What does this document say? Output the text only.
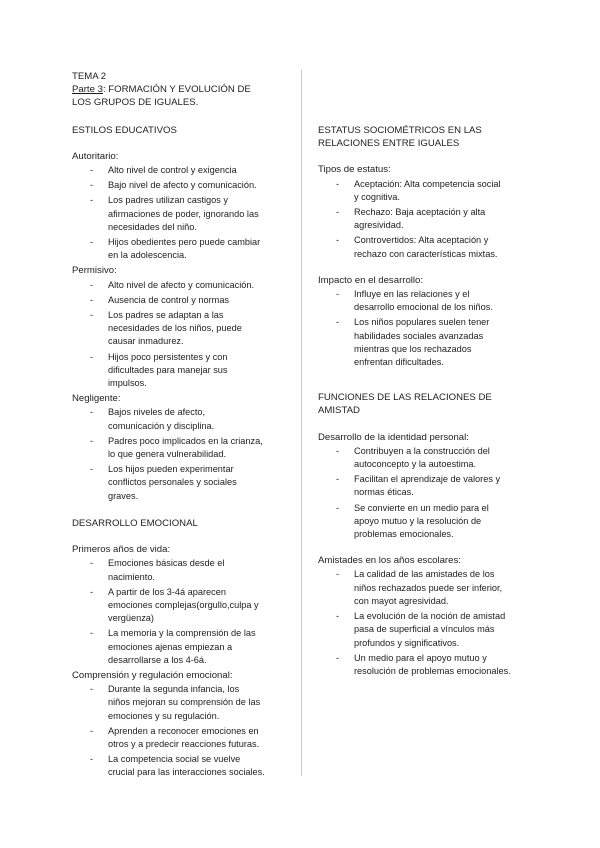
TEMA 2
Parte 3: FORMACIÓN Y EVOLUCIÓN DE
LOS GRUPOS DE IGUALES.
ESTILOS EDUCATIVOS
Autoritario:
- Alto nivel de control y exigencia
- Bajo nivel de afecto y comunicación.
- Los padres utilizan castigos y
afirmaciones de poder, ignorando las
necesidades del niño.
- Hijos obedientes pero puede cambiar
en la adolescencia.
Permisivo:
- Alto nivel de afecto y comunicación.
- Ausencia de control y normas
- Los padres se adaptan a las
necesidades de los niños, puede
causar inmadurez.
- Hijos poco persistentes y con
dificultades para manejar sus
impulsos.
Negligente:
- Bajos niveles de afecto,
comunicación y disciplina.
- Padres poco implicados en la crianza,
lo que genera vulnerabilidad.
- Los hijos pueden experimentar
conflictos personales y sociales
graves.
DESARROLLO EMOCIONAL
Primeros años de vida:
- Emociones básicas desde el
nacimiento.
- A partir de los 3-4á aparecen
emociones complejas(orgullo,culpa y
vergüenza)
- La memoria y la comprensión de las
emociones ajenas empiezan a
desarrollarse a los 4-6á.
Comprensión y regulación emocional:
- Durante la segunda infancia, los
niños mejoran su comprensión de las
emociones y su regulación.
- Aprenden a reconocer emociones en
otros y a predecir reacciones futuras.
- La competencia social se vuelve
crucial para las interacciones sociales.
ESTATUS SOCIOMÉTRICOS EN LAS
RELACIONES ENTRE IGUALES
Tipos de estatus:
- Aceptación: Alta competencia social
y cognitiva.
- Rechazo: Baja aceptación y alta
agresividad.
- Controvertidos: Alta aceptación y
rechazo con características mixtas.
Impacto en el desarrollo:
- Influye en las relaciones y el
desarrollo emocional de los niños.
- Los niños populares suelen tener
habilidades sociales avanzadas
mientras que los rechazados
enfrentan dificultades.
FUNCIONES DE LAS RELACIONES DE
AMISTAD
Desarrollo de la identidad personal:
- Contribuyen a la construcción del
autoconcepto y la autoestima.
- Facilitan el aprendizaje de valores y
normas éticas.
- Se convierte en un medio para el
apoyo mutuo y la resolución de
problemas emocionales.
Amistades en los años escolares:
- La calidad de las amistades de los
niños rechazados puede ser inferior,
con mayot agresividad.
- La evolución de la noción de amistad
pasa de superficial a vínculos más
profundos y significativos.
- Un medio para el apoyo mutuo y
resolución de problemas emocionales.
